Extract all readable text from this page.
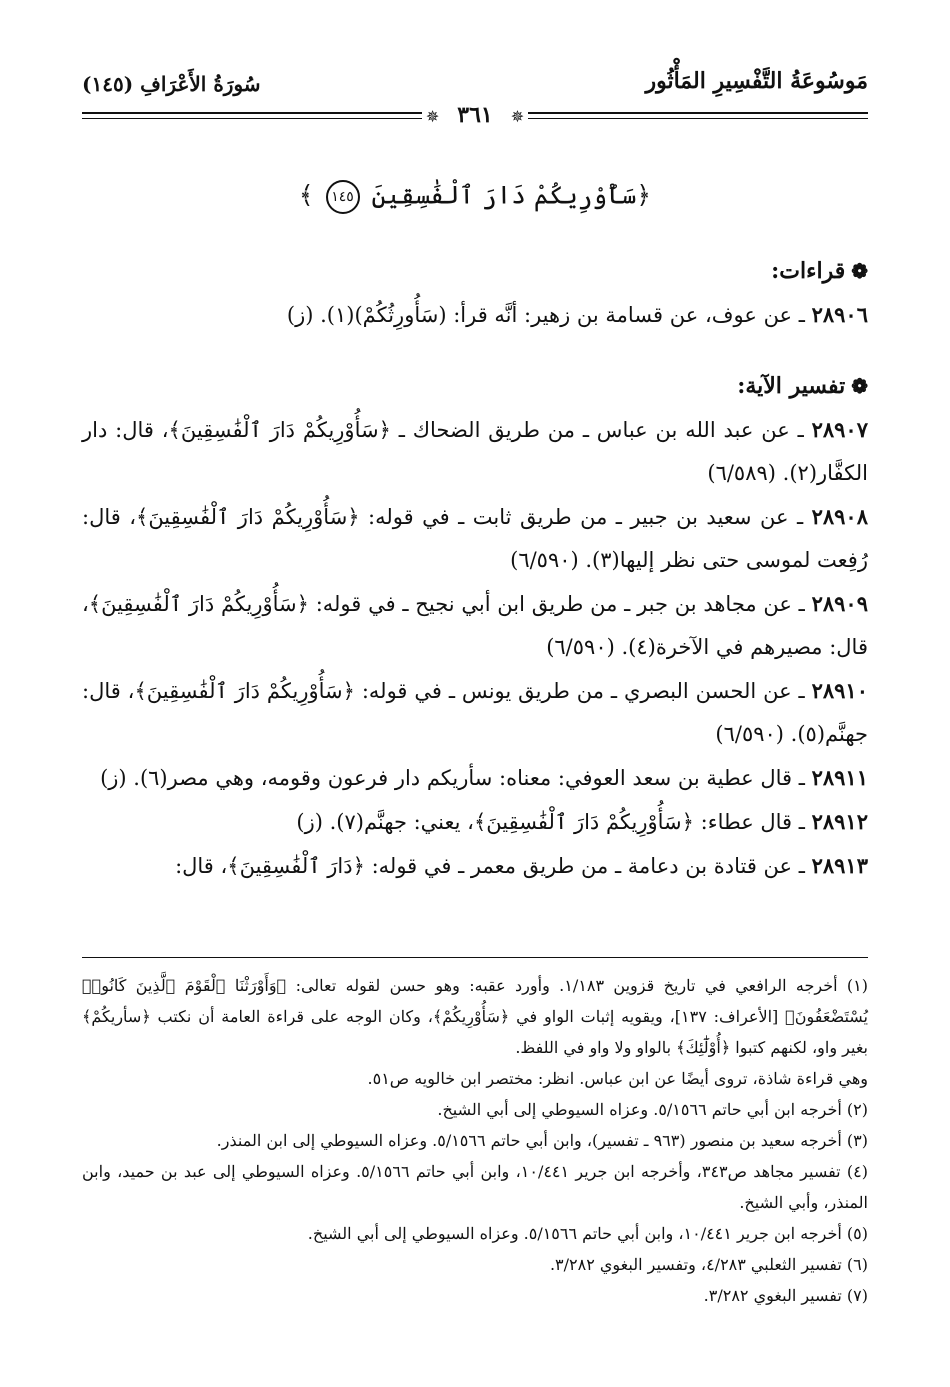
مَوسُوعَةُ التَّفْسِيرِ المَأْثُور
سُورَةُ الأَعْرَافِ (١٤٥)
✵٣٦١✵
﴿سَأُوْرِيكُمْ دَارَ ٱلْفَٰسِقِينَ ١٤٥ ﴾

❁قراءات:

٢٨٩٠٦ ـ عن عوف، عن قسامة بن زهير: أنَّه قرأ: (سَأُورِثُكُمْ)(١). (ز)

❁تفسير الآية:

٢٨٩٠٧ ـ عن عبد الله بن عباس ـ من طريق الضحاك ـ ﴿سَأُوْرِيكُمْ دَارَ ٱلْفَٰسِقِينَ﴾، قال: دار الكفَّار(٢). (٦/٥٨٩)

٢٨٩٠٨ ـ عن سعيد بن جبير ـ من طريق ثابت ـ في قوله: ﴿سَأُوْرِيكُمْ دَارَ ٱلْفَٰسِقِينَ﴾، قال: رُفِعت لموسى حتى نظر إليها(٣). (٦/٥٩٠)

٢٨٩٠٩ ـ عن مجاهد بن جبر ـ من طريق ابن أبي نجيح ـ في قوله: ﴿سَأُوْرِيكُمْ دَارَ ٱلْفَٰسِقِينَ﴾، قال: مصيرهم في الآخرة(٤). (٦/٥٩٠)

٢٨٩١٠ ـ عن الحسن البصري ـ من طريق يونس ـ في قوله: ﴿سَأُوْرِيكُمْ دَارَ ٱلْفَٰسِقِينَ﴾، قال: جهنَّم(٥). (٦/٥٩٠)

٢٨٩١١ ـ قال عطية بن سعد العوفي: معناه: سأريكم دار فرعون وقومه، وهي مصر(٦). (ز)

٢٨٩١٢ ـ قال عطاء: ﴿سَأُوْرِيكُمْ دَارَ ٱلْفَٰسِقِينَ﴾، يعني: جهنَّم(٧). (ز)

٢٨٩١٣ ـ عن قتادة بن دعامة ـ من طريق معمر ـ في قوله: ﴿دَارَ ٱلْفَٰسِقِينَ﴾، قال:

(١) أخرجه الرافعي في تاريخ قزوين ١/١٨٣. وأورد عقبه: وهو حسن لقوله تعالى: ﴿وَأَوْرَثْنَا ٱلْقَوْمَ ٱلَّذِينَ كَانُوا۟ يُسْتَضْعَفُونَ﴾ [الأعراف: ١٣٧]، ويقويه إثبات الواو في ﴿سَأُوْرِيكُمْ﴾، وكان الوجه على قراءة العامة أن نكتب ﴿سأريكُمْ﴾ بغير واو، لكنهم كتبوا ﴿أُوْلَٰٓئِكَ﴾ بالواو ولا واو في اللفظ.

وهي قراءة شاذة، تروى أيضًا عن ابن عباس. انظر: مختصر ابن خالويه ص٥١.

(٢) أخرجه ابن أبي حاتم ٥/١٥٦٦. وعزاه السيوطي إلى أبي الشيخ.

(٣) أخرجه سعيد بن منصور (٩٦٣ ـ تفسير)، وابن أبي حاتم ٥/١٥٦٦. وعزاه السيوطي إلى ابن المنذر.

(٤) تفسير مجاهد ص٣٤٣، وأخرجه ابن جرير ١٠/٤٤١، وابن أبي حاتم ٥/١٥٦٦. وعزاه السيوطي إلى عبد بن حميد، وابن المنذر، وأبي الشيخ.

(٥) أخرجه ابن جرير ١٠/٤٤١، وابن أبي حاتم ٥/١٥٦٦. وعزاه السيوطي إلى أبي الشيخ.

(٦) تفسير الثعلبي ٤/٢٨٣، وتفسير البغوي ٣/٢٨٢.

(٧) تفسير البغوي ٣/٢٨٢.
